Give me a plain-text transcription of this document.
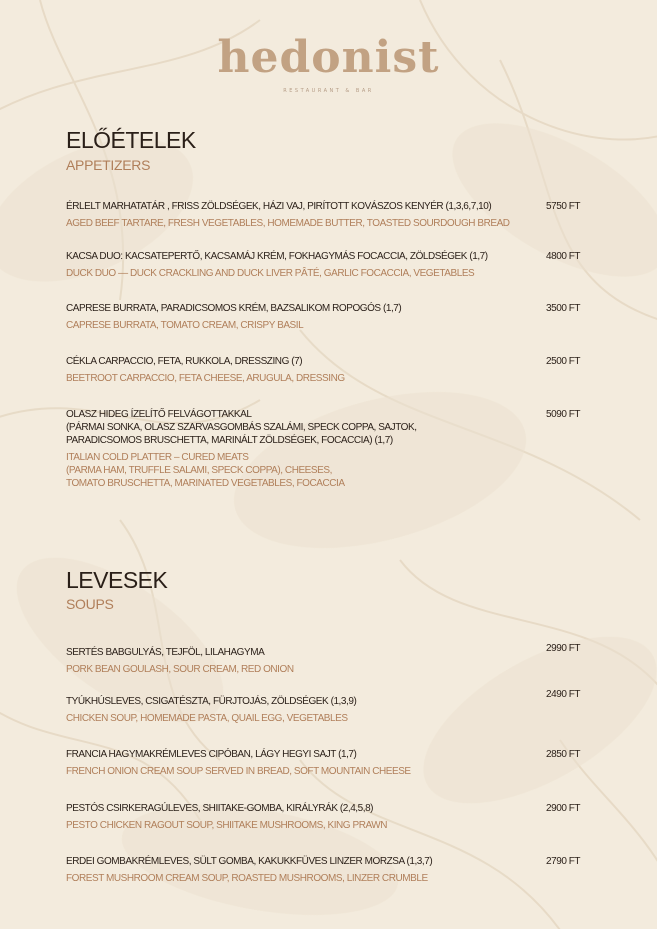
hedonist
RESTAURANT & BAR
ELŐÉTELEK
APPETIZERS
ÉRLELT MARHATATÁR , FRISS ZÖLDSÉGEK, HÁZI VAJ, PIRÍTOTT KOVÁSZOS KENYÉR (1,3,6,7,10)
AGED BEEF TARTARE, FRESH VEGETABLES, HOMEMADE BUTTER, TOASTED SOURDOUGH BREAD
5750 FT
KACSA DUO: KACSATEPERTŐ, KACSAMÁJ KRÉM, FOKHAGYMÁS FOCACCIA, ZÖLDSÉGEK (1,7)
DUCK DUO — DUCK CRACKLING AND DUCK LIVER PÂTÉ, GARLIC FOCACCIA, VEGETABLES
4800 FT
CAPRESE BURRATA, PARADICSOMOS KRÉM, BAZSALIKOM ROPOGÓS (1,7)
CAPRESE BURRATA, TOMATO CREAM, CRISPY BASIL
3500 FT
CÉKLA CARPACCIO, FETA, RUKKOLA, DRESSZING (7)
BEETROOT CARPACCIO, FETA CHEESE, ARUGULA, DRESSING
2500 FT
OLASZ HIDEG ÍZELÍTŐ FELVÁGOTTAKKAL
(PÁRMAI SONKA, OLASZ SZARVASGOMBÁS SZALÁMI, SPECK COPPA, SAJTOK,
PARADICSOMOS BRUSCHETTA, MARINÁLT ZÖLDSÉGEK, FOCACCIA) (1,7)
ITALIAN COLD PLATTER – CURED MEATS
(PARMA HAM, TRUFFLE SALAMI, SPECK COPPA), CHEESES,
TOMATO BRUSCHETTA, MARINATED VEGETABLES, FOCACCIA
5090 FT
LEVESEK
SOUPS
SERTÉS BABGULYÁS, TEJFÖL, LILAHAGYMA
PORK BEAN GOULASH, SOUR CREAM, RED ONION
2990 FT
TYÚKHÚSLEVES, CSIGATÉSZTA, FÜRJTOJÁS, ZÖLDSÉGEK (1,3,9)
CHICKEN SOUP, HOMEMADE PASTA, QUAIL EGG, VEGETABLES
2490 FT
FRANCIA HAGYMAKRÉMLEVES CIPÓBAN, LÁGY HEGYI SAJT (1,7)
FRENCH ONION CREAM SOUP SERVED IN BREAD, SOFT MOUNTAIN CHEESE
2850 FT
PESTÓS CSIRKERAGÚLEVES, SHIITAKE-GOMBA, KIRÁLYRÁK (2,4,5,8)
PESTO CHICKEN RAGOUT SOUP, SHIITAKE MUSHROOMS, KING PRAWN
2900 FT
ERDEI GOMBAKRÉMLEVES, SÜLT GOMBA, KAKUKKFÜVES LINZER MORZSA (1,3,7)
FOREST MUSHROOM CREAM SOUP, ROASTED MUSHROOMS, LINZER CRUMBLE
2790 FT
